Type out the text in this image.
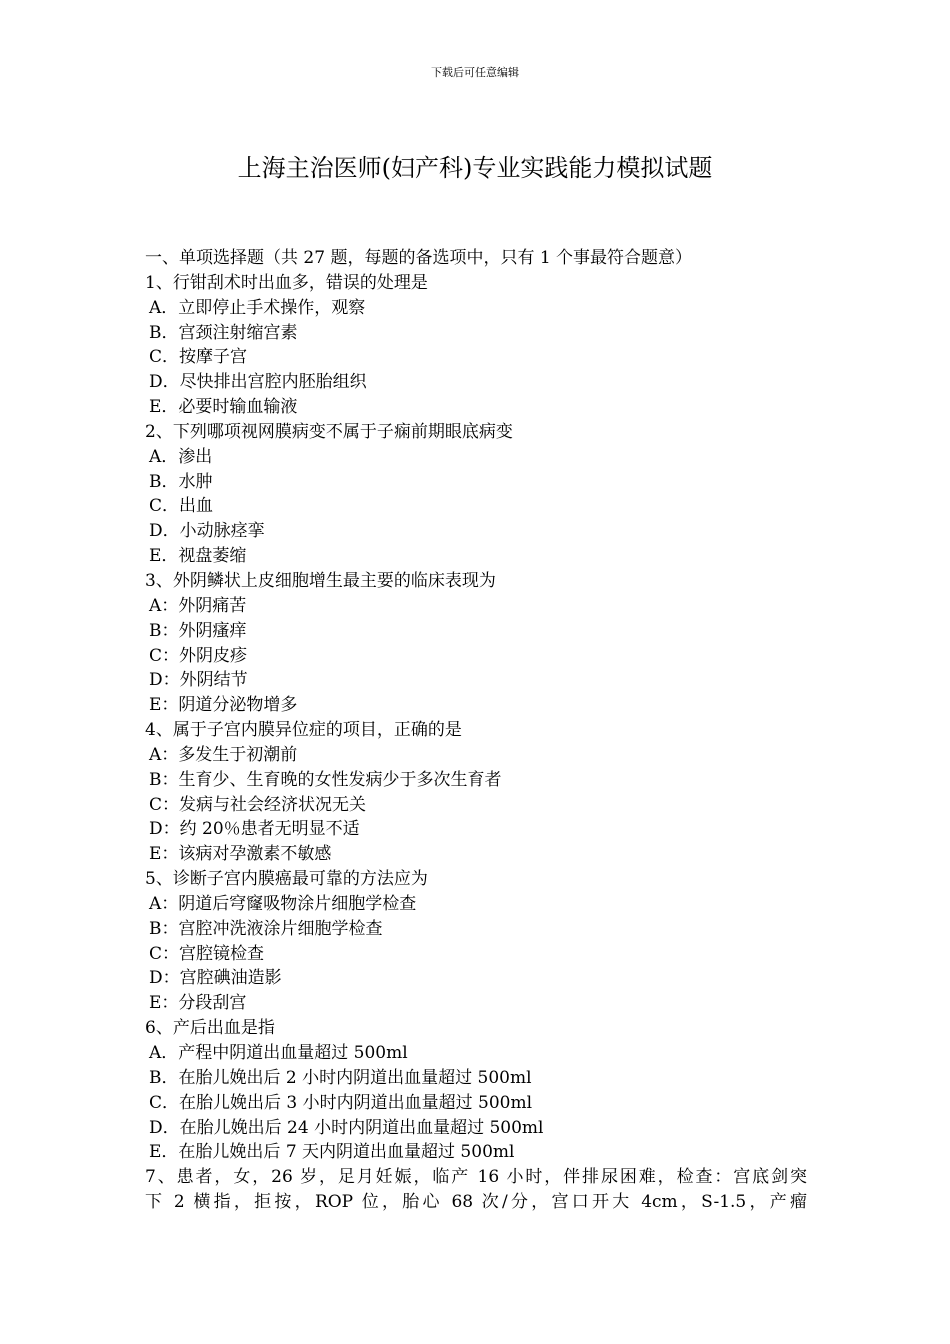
下载后可任意编辑
上海主治医师(妇产科)专业实践能力模拟试题
一、单项选择题（共 27 题，每题的备选项中，只有 1 个事最符合题意）
1、行钳刮术时出血多，错误的处理是
A．立即停止手术操作，观察
B．宫颈注射缩宫素
C．按摩子宫
D．尽快排出宫腔内胚胎组织
E．必要时输血输液
2、下列哪项视网膜病变不属于子痫前期眼底病变
A．渗出
B．水肿
C．出血
D．小动脉痉挛
E．视盘萎缩
3、外阴鳞状上皮细胞增生最主要的临床表现为
A：外阴痛苦
B：外阴瘙痒
C：外阴皮疹
D：外阴结节
E：阴道分泌物增多
4、属于子宫内膜异位症的项目，正确的是
A：多发生于初潮前
B：生育少、生育晚的女性发病少于多次生育者
C：发病与社会经济状况无关
D：约 20％患者无明显不适
E：该病对孕激素不敏感
5、诊断子宫内膜癌最可靠的方法应为
A：阴道后穹窿吸物涂片细胞学检查
B：宫腔冲洗液涂片细胞学检查
C：宫腔镜检查
D：宫腔碘油造影
E：分段刮宫
6、产后出血是指
A．产程中阴道出血量超过 500ml
B．在胎儿娩出后 2 小时内阴道出血量超过 500ml
C．在胎儿娩出后 3 小时内阴道出血量超过 500ml
D．在胎儿娩出后 24 小时内阴道出血量超过 500ml
E．在胎儿娩出后 7 天内阴道出血量超过 500ml
7、患者，女，26 岁，足月妊娠，临产 16 小时，伴排尿困难，检查：宫底剑突
下 2 横指，拒按，ROP 位，胎心 68 次/分，宫口开大 4cm，S-1.5，产瘤
